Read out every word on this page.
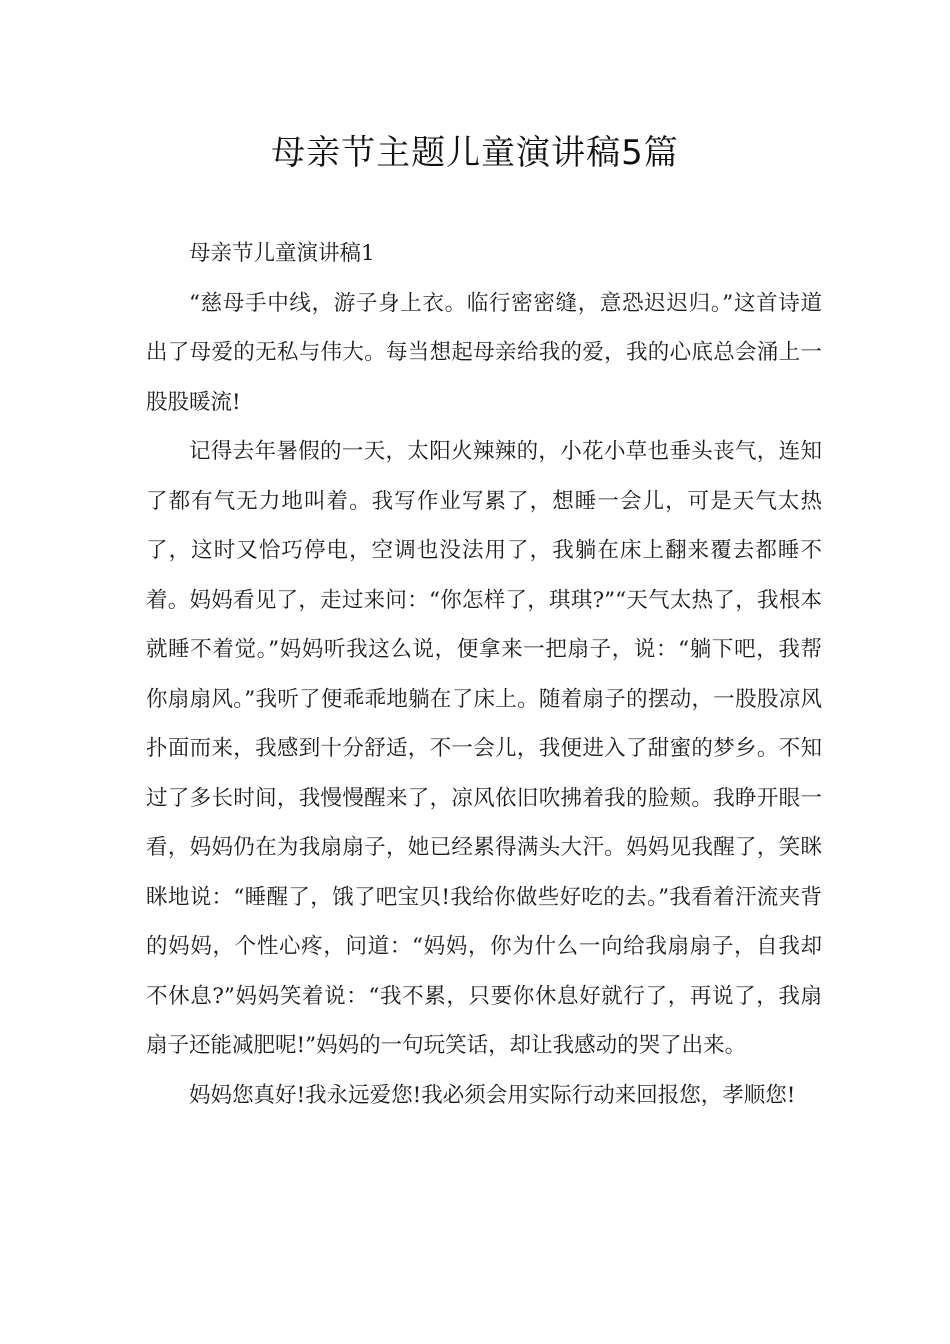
母亲节主题儿童演讲稿5篇

母亲节儿童演讲稿1

“慈母手中线，游子身上衣。临行密密缝，意恐迟迟归。”这首诗道出了母爱的无私与伟大。每当想起母亲给我的爱，我的心底总会涌上一股股暖流!

记得去年暑假的一天，太阳火辣辣的，小花小草也垂头丧气，连知了都有气无力地叫着。我写作业写累了，想睡一会儿，可是天气太热了，这时又恰巧停电，空调也没法用了，我躺在床上翻来覆去都睡不着。妈妈看见了，走过来问：“你怎样了，琪琪?”“天气太热了，我根本就睡不着觉。”妈妈听我这么说，便拿来一把扇子，说：“躺下吧，我帮你扇扇风。”我听了便乖乖地躺在了床上。随着扇子的摆动，一股股凉风扑面而来，我感到十分舒适，不一会儿，我便进入了甜蜜的梦乡。不知过了多长时间，我慢慢醒来了，凉风依旧吹拂着我的脸颊。我睁开眼一看，妈妈仍在为我扇扇子，她已经累得满头大汗。妈妈见我醒了，笑眯眯地说：“睡醒了，饿了吧宝贝!我给你做些好吃的去。”我看着汗流夹背的妈妈，个性心疼，问道：“妈妈，你为什么一向给我扇扇子，自我却不休息?”妈妈笑着说：“我不累，只要你休息好就行了，再说了，我扇扇子还能减肥呢!”妈妈的一句玩笑话，却让我感动的哭了出来。

妈妈您真好!我永远爱您!我必须会用实际行动来回报您，孝顺您!
